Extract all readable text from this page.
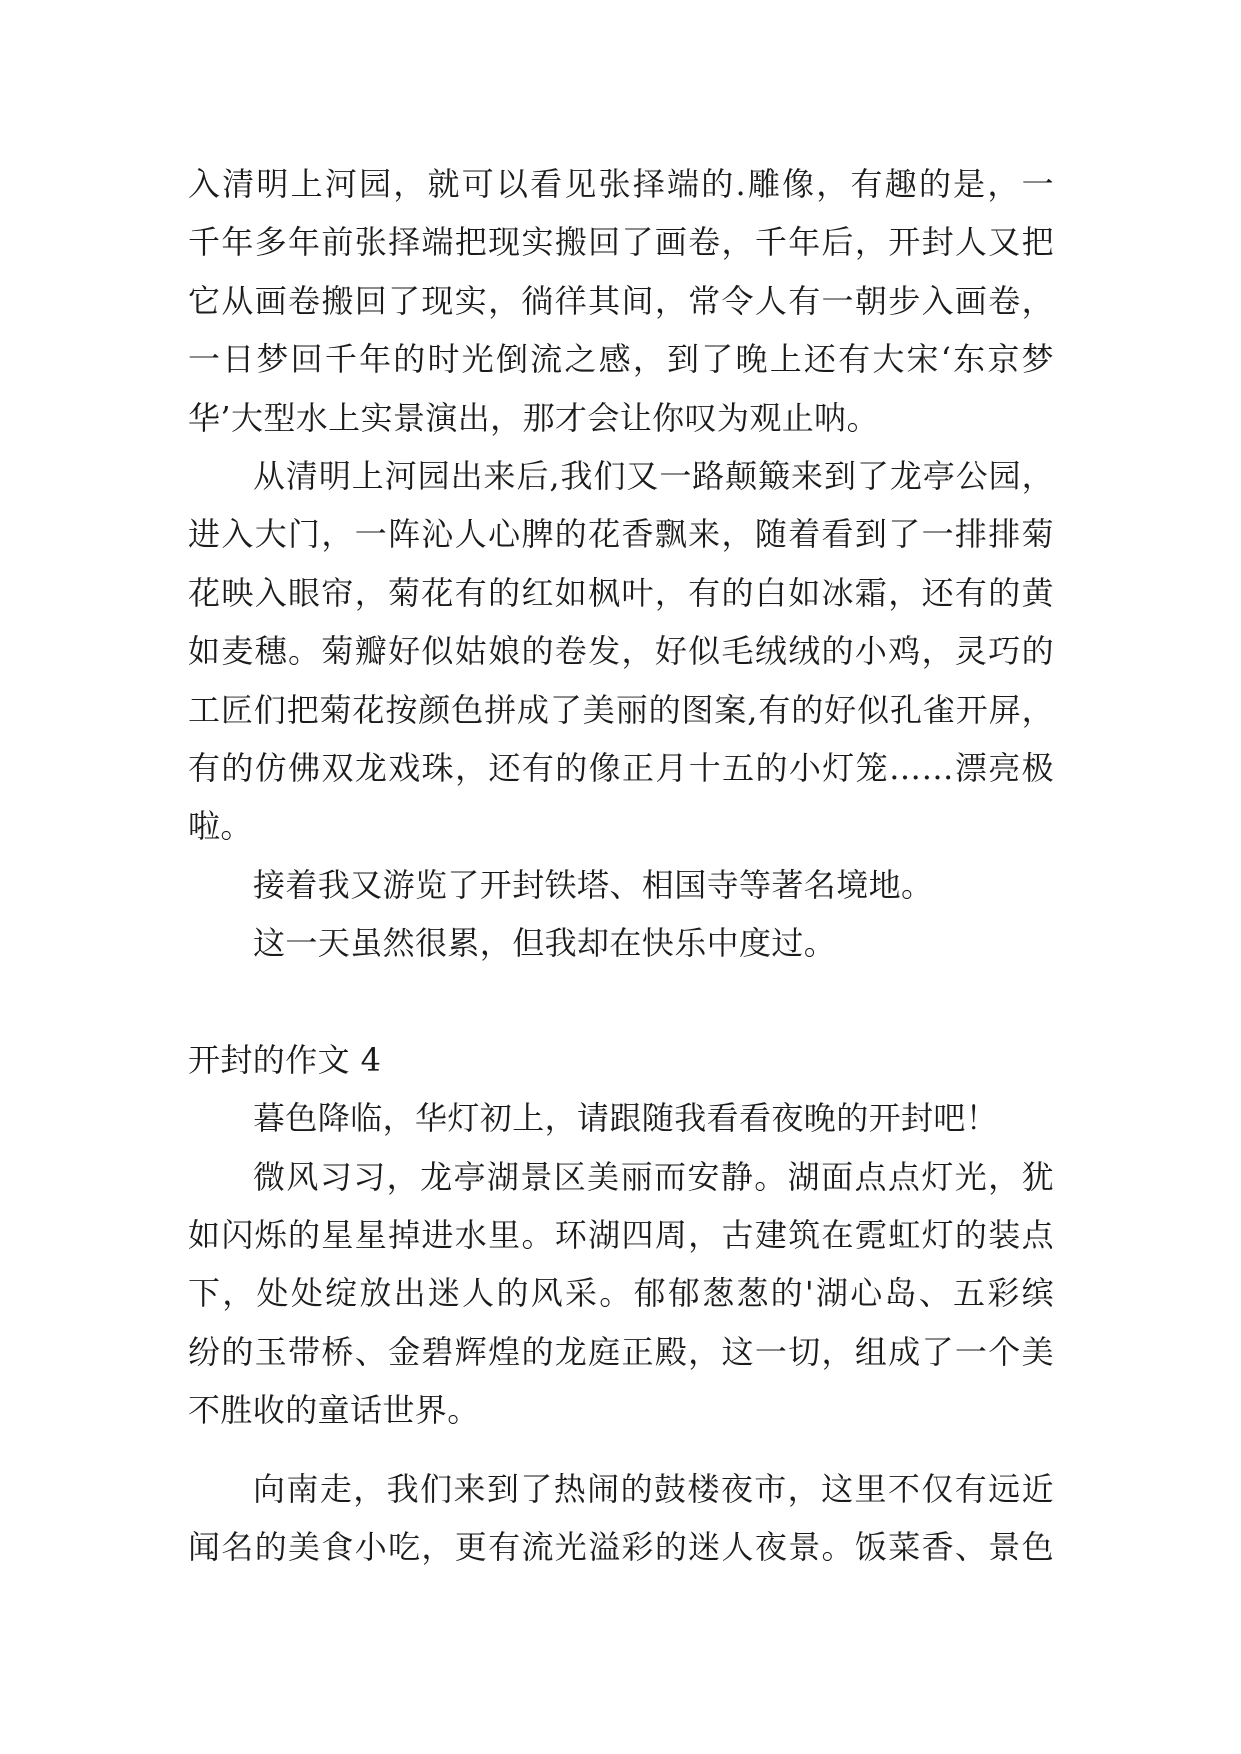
入清明上河园，就可以看见张择端的.雕像，有趣的是，一
千年多年前张择端把现实搬回了画卷，千年后，开封人又把
它从画卷搬回了现实，徜徉其间，常令人有一朝步入画卷，
一日梦回千年的时光倒流之感，到了晚上还有大宋‘东京梦
华’大型水上实景演出，那才会让你叹为观止呐。
从清明上河园出来后,我们又一路颠簸来到了龙亭公园，
进入大门，一阵沁人心脾的花香飘来，随着看到了一排排菊
花映入眼帘，菊花有的红如枫叶，有的白如冰霜，还有的黄
如麦穗。菊瓣好似姑娘的卷发，好似毛绒绒的小鸡，灵巧的
工匠们把菊花按颜色拼成了美丽的图案,有的好似孔雀开屏，
有的仿佛双龙戏珠，还有的像正月十五的小灯笼……漂亮极
啦。
接着我又游览了开封铁塔、相国寺等著名境地。
这一天虽然很累，但我却在快乐中度过。
开封的作文 4
暮色降临，华灯初上，请跟随我看看夜晚的开封吧！
微风习习，龙亭湖景区美丽而安静。湖面点点灯光，犹
如闪烁的星星掉进水里。环湖四周，古建筑在霓虹灯的装点
下，处处绽放出迷人的风采。郁郁葱葱的'湖心岛、五彩缤
纷的玉带桥、金碧辉煌的龙庭正殿，这一切，组成了一个美
不胜收的童话世界。
向南走，我们来到了热闹的鼓楼夜市，这里不仅有远近
闻名的美食小吃，更有流光溢彩的迷人夜景。饭菜香、景色
